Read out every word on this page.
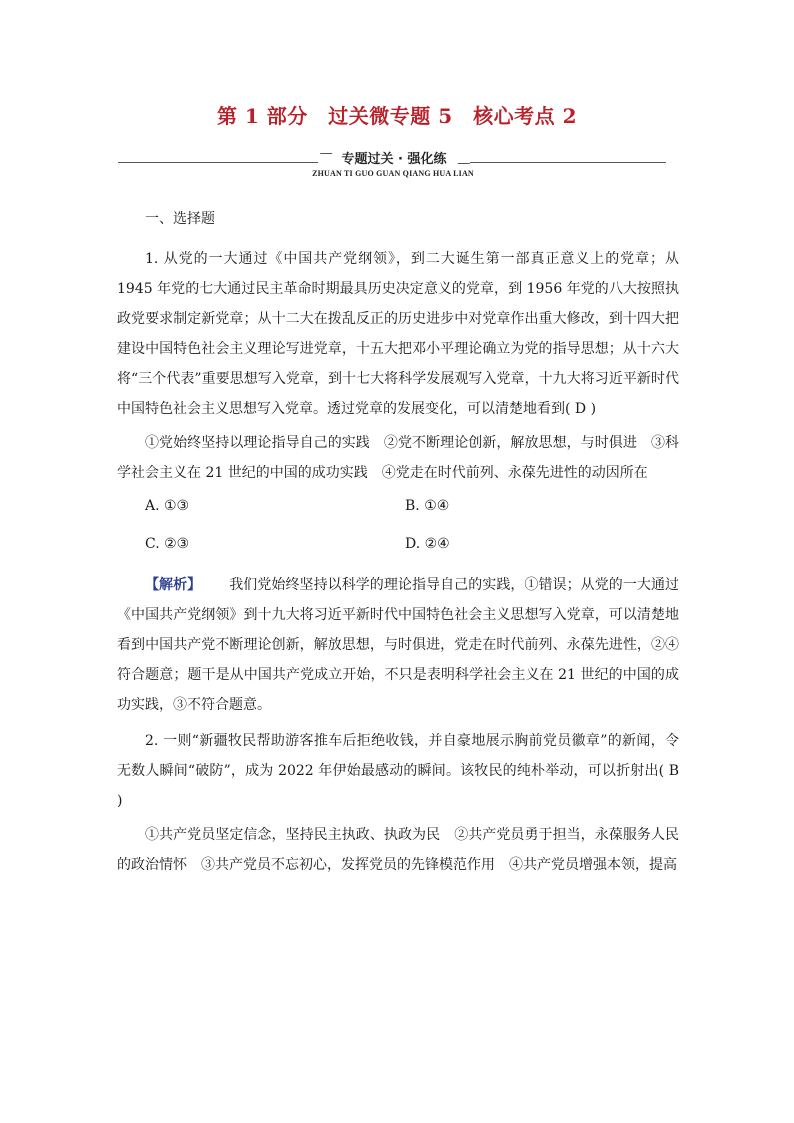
第 1 部分　过关微专题 5　核心考点 2
专题过关 · 强化练
ZHUAN TI GUO GUAN QIANG HUA LIAN

一、选择题

1. 从党的一大通过《中国共产党纲领》，到二大诞生第一部真正意义上的党章；从 1945 年党的七大通过民主革命时期最具历史决定意义的党章，到 1956 年党的八大按照执政党要求制定新党章；从十二大在拨乱反正的历史进步中对党章作出重大修改，到十四大把建设中国特色社会主义理论写进党章，十五大把邓小平理论确立为党的指导思想；从十六大将“三个代表”重要思想写入党章，到十七大将科学发展观写入党章，十九大将习近平新时代中国特色社会主义思想写入党章。透过党章的发展变化，可以清楚地看到( D )

①党始终坚持以理论指导自己的实践　②党不断理论创新，解放思想，与时俱进　③科学社会主义在 21 世纪的中国的成功实践　④党走在时代前列、永葆先进性的动因所在

A. ①③	B. ①④
C. ②③	D. ②④

【解析】 我们党始终坚持以科学的理论指导自己的实践，①错误；从党的一大通过《中国共产党纲领》到十九大将习近平新时代中国特色社会主义思想写入党章，可以清楚地看到中国共产党不断理论创新，解放思想，与时俱进，党走在时代前列、永葆先进性，②④符合题意；题干是从中国共产党成立开始，不只是表明科学社会主义在 21 世纪的中国的成功实践，③不符合题意。

2. 一则“新疆牧民帮助游客推车后拒绝收钱，并自豪地展示胸前党员徽章”的新闻，令无数人瞬间“破防”，成为 2022 年伊始最感动的瞬间。该牧民的纯朴举动，可以折射出( B )

①共产党员坚定信念，坚持民主执政、执政为民　②共产党员勇于担当，永葆服务人民的政治情怀　③共产党员不忘初心，发挥党员的先锋模范作用　④共产党员增强本领，提高
